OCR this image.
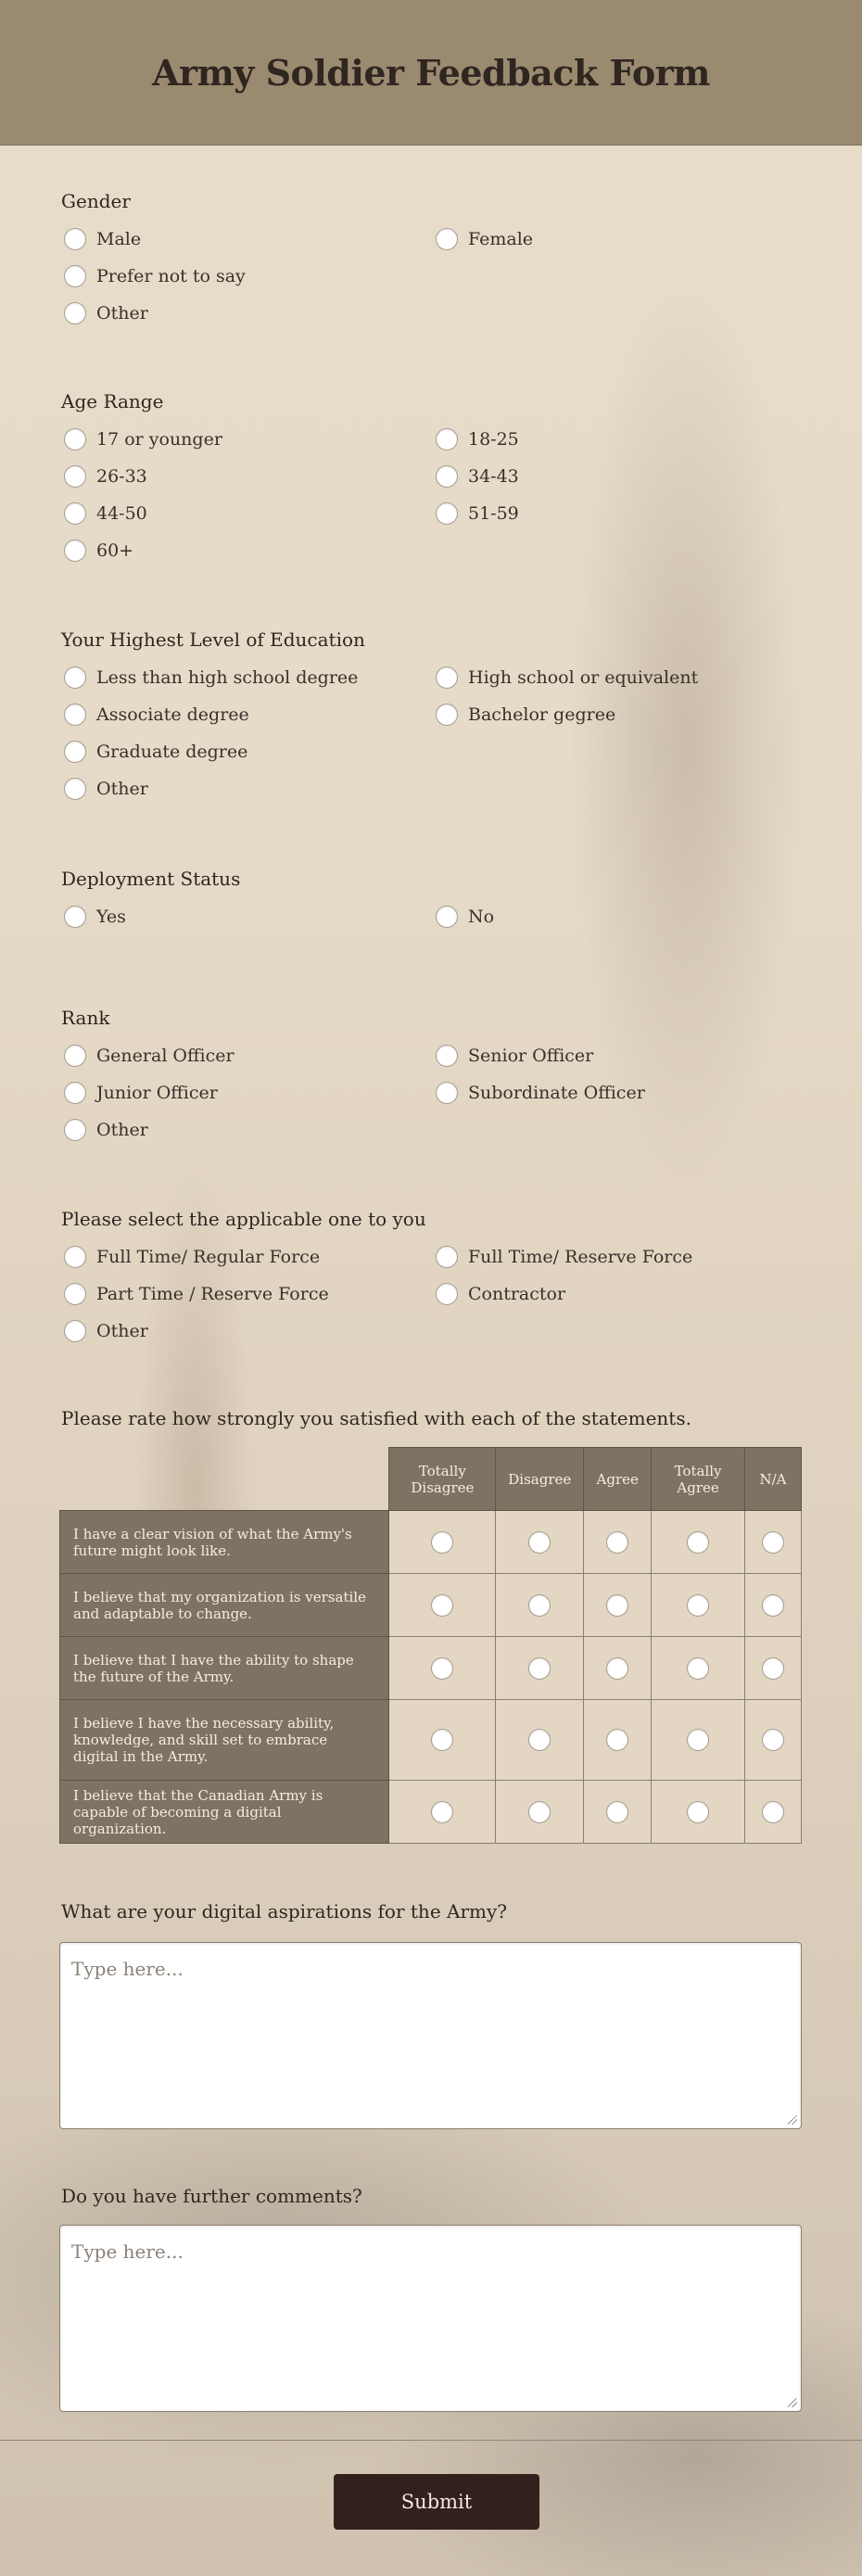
Army Soldier Feedback Form
Gender
Male	Female
Prefer not to say
Other
Age Range
17 or younger	18-25
26-33	34-43
44-50	51-59
60+
Your Highest Level of Education
Less than high school degree	High school or equivalent
Associate degree	Bachelor gegree
Graduate degree
Other
Deployment Status
Yes	No
Rank
General Officer	Senior Officer
Junior Officer	Subordinate Officer
Other
Please select the applicable one to you
Full Time/ Regular Force	Full Time/ Reserve Force
Part Time / Reserve Force	Contractor
Other
Please rate how strongly you satisfied with each of the statements.
	Totally Disagree	Disagree	Agree	Totally Agree	N/A
I have a clear vision of what the Army's future might look like.					
I believe that my organization is versatile and adaptable to change.					
I believe that I have the ability to shape the future of the Army.					
I believe I have the necessary ability, knowledge, and skill set to embrace digital in the Army.					
I believe that the Canadian Army is capable of becoming a digital organization.					
What are your digital aspirations for the Army?
Type here...
Do you have further comments?
Type here...
Submit
